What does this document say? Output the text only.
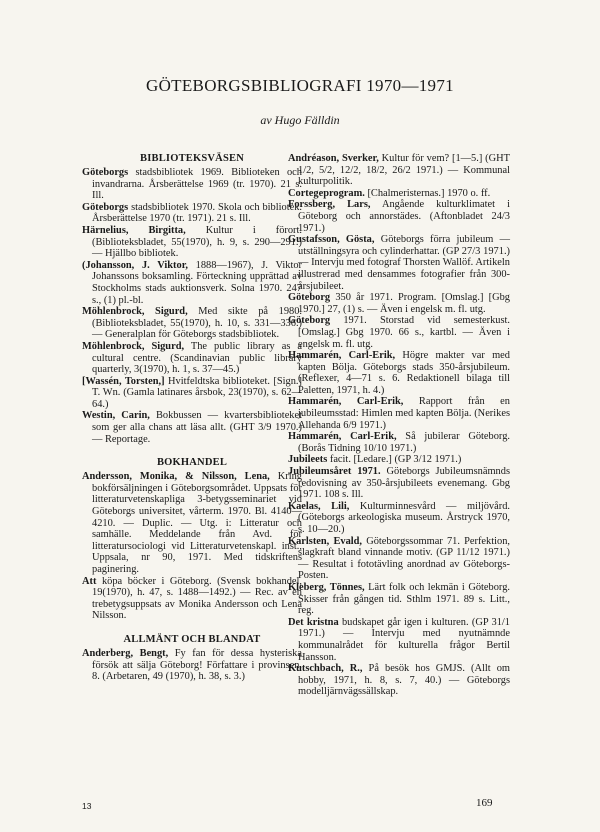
GÖTEBORGSBIBLIOGRAFI 1970—1971
av Hugo Fälldin
BIBLIOTEKSVÄSEN

Göteborgs stadsbibliotek 1969. Biblioteken och invandrarna. Årsberättelse 1969 (tr. 1970). 21 s. Ill.

Göteborgs stadsbibliotek 1970. Skola och bibliotek. Årsberättelse 1970 (tr. 1971). 21 s. Ill.

Härnelius, Birgitta, Kultur i förort. (Biblioteksbladet, 55(1970), h. 9, s. 290—291.) — Hjällbo bibliotek.

(Johansson, J. Viktor, 1888—1967), J. Viktor Johanssons boksamling. Förteckning upprättad av Stockholms stads auktionsverk. Solna 1970. 247 s., (1) pl.-bl.

Möhlenbrock, Sigurd, Med sikte på 1980. (Biblioteksbladet, 55(1970), h. 10, s. 331—336.) — Generalplan för Göteborgs stadsbibliotek.

Möhlenbrock, Sigurd, The public library as a cultural centre. (Scandinavian public library quarterly, 3(1970), h. 1, s. 37—45.)

[Wassén, Torsten,] Hvitfeldtska biblioteket. [Sign.] T. Wn. (Gamla latinares årsbok, 23(1970), s. 62—64.)

Westin, Carin, Bokbussen — kvartersbiblioteket som ger alla chans att läsa allt. (GHT 3/9 1970.) — Reportage.

BOKHANDEL

Andersson, Monika, & Nilsson, Lena, Kring bokförsäljningen i Göteborgsområdet. Uppsats för litteraturvetenskapliga 3-betygsseminariet vid Göteborgs universitet, vårterm. 1970. Bl. 4140—4210. — Duplic. — Utg. i: Litteratur och samhälle. Meddelande från Avd. för litteratursociologi vid Litteraturvetenskapl. inst., Uppsala, nr 90, 1971. Med tidskriftens paginering.

Att köpa böcker i Göteborg. (Svensk bokhandel, 19(1970), h. 47, s. 1488—1492.) — Rec. av en trebetygsuppsats av Monika Andersson och Lena Nilsson.

ALLMÄNT OCH BLANDAT

Anderberg, Bengt, Fy fan för dessa hysteriska försök att sälja Göteborg! Författare i provinsen. 8. (Arbetaren, 49 (1970), h. 38, s. 3.)

Andréason, Sverker, Kultur för vem? [1—5.] (GHT 1/2, 5/2, 12/2, 18/2, 26/2 1971.) — Kommunal kulturpolitik.

Cortegeprogram. [Chalmeristernas.] 1970 o. ff.

Forssberg, Lars, Angående kulturklimatet i Göteborg och annorstädes. (Aftonbladet 24/3 1971.)

Gustafsson, Gösta, Göteborgs förra jubileum — utställningsyra och cylinderhattar. (GP 27/3 1971.) — Intervju med fotograf Thorsten Wallöf. Artikeln illustrerad med densammes fotografier från 300-årsjubileet.

Göteborg 350 år 1971. Program. [Omslag.] [Gbg 1970.] 27, (1) s. — Även i engelsk m. fl. utg.

Göteborg 1971. Storstad vid semesterkust. [Omslag.] Gbg 1970. 66 s., kartbl. — Även i engelsk m. fl. utg.

Hammarén, Carl-Erik, Högre makter var med kapten Bölja. Göteborgs stads 350-årsjubileum. (Reflexer, 4—71 s. 6. Redaktionell bilaga till Paletten, 1971, h. 4.)

Hammarén, Carl-Erik, Rapport från en jubileumsstad: Himlen med kapten Bölja. (Nerikes Allehanda 6/9 1971.)

Hammarén, Carl-Erik, Så jubilerar Göteborg. (Borås Tidning 10/10 1971.)

Jubileets facit. [Ledare.] (GP 3/12 1971.)

Jubileumsåret 1971. Göteborgs Jubileumsnämnds redovisning av 350-årsjubileets evenemang. Gbg 1971. 108 s. Ill.

Kaelas, Lili, Kulturminnesvård — miljövård. (Göteborgs arkeologiska museum. Årstryck 1970, s. 10—20.)

Karlsten, Evald, Göteborgssommar 71. Perfektion, slagkraft bland vinnande motiv. (GP 11/12 1971.) — Resultat i fototävling anordnad av Göteborgs-Posten.

Kleberg, Tönnes, Lärt folk och lekmän i Göteborg. Skisser från gången tid. Sthlm 1971. 89 s. Litt., reg.

Det kristna budskapet går igen i kulturen. (GP 31/1 1971.) — Intervju med nyutnämnde kommunalrådet för kulturella frågor Bertil Hansson.

Kutschbach, R., På besök hos GMJS. (Allt om hobby, 1971, h. 8, s. 7, 40.) — Göteborgs modelljärnvägssällskap.

13	169
